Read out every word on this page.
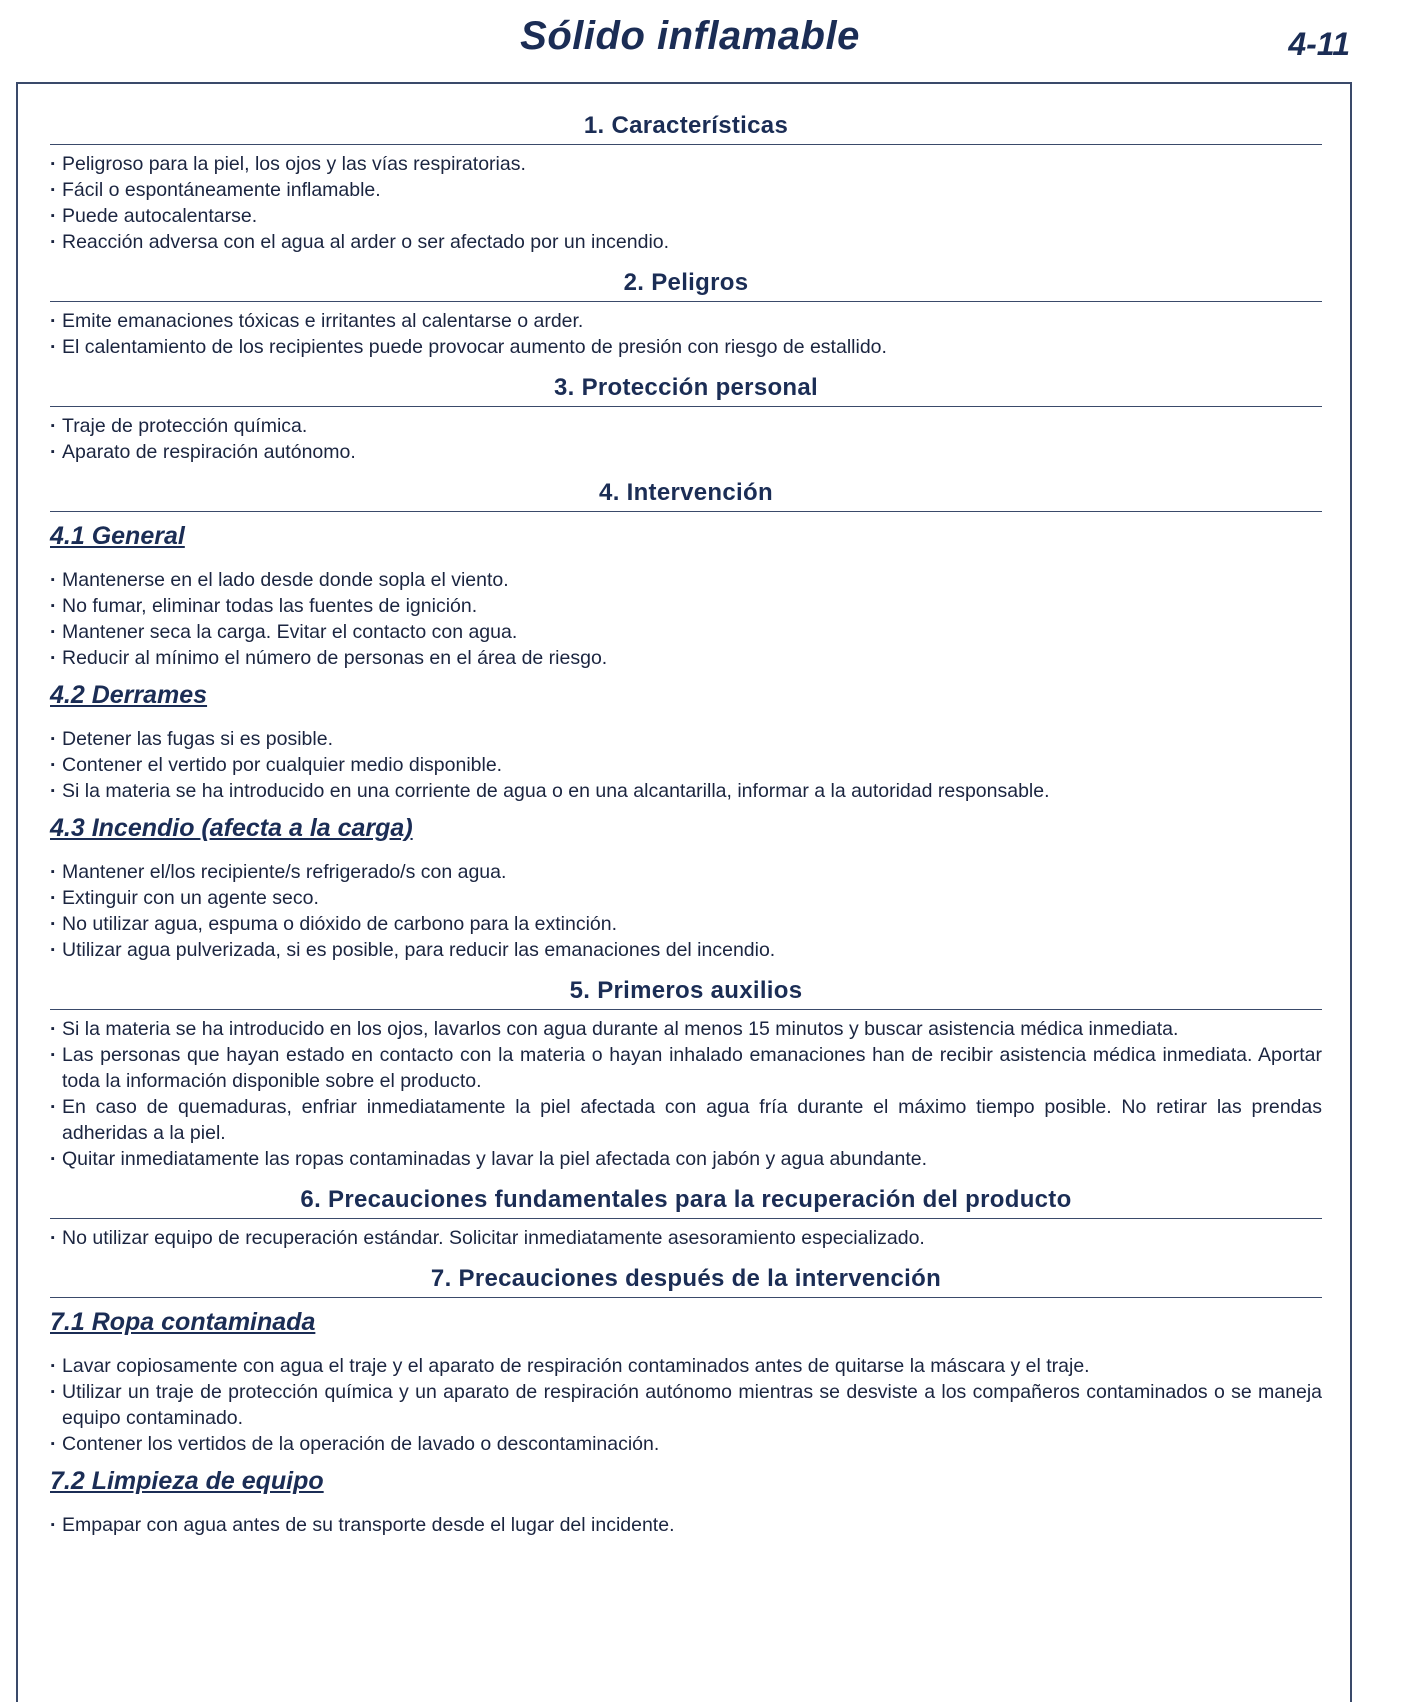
Sólido inflamable	4-11
1. Características
· Peligroso para la piel, los ojos y las vías respiratorias.
· Fácil o espontáneamente inflamable.
· Puede autocalentarse.
· Reacción adversa con el agua al arder o ser afectado por un incendio.
2. Peligros
· Emite emanaciones tóxicas e irritantes al calentarse o arder.
· El calentamiento de los recipientes puede provocar aumento de presión con riesgo de estallido.
3. Protección personal
· Traje de protección química.
· Aparato de respiración autónomo.
4. Intervención
4.1 General
· Mantenerse en el lado desde donde sopla el viento.
· No fumar, eliminar todas las fuentes de ignición.
· Mantener seca la carga. Evitar el contacto con agua.
· Reducir al mínimo el número de personas en el área de riesgo.
4.2 Derrames
· Detener las fugas si es posible.
· Contener el vertido por cualquier medio disponible.
· Si la materia se ha introducido en una corriente de agua o en una alcantarilla, informar a la autoridad responsable.
4.3 Incendio (afecta a la carga)
· Mantener el/los recipiente/s refrigerado/s con agua.
· Extinguir con un agente seco.
· No utilizar agua, espuma o dióxido de carbono para la extinción.
· Utilizar agua pulverizada, si es posible, para reducir las emanaciones del incendio.
5. Primeros auxilios
· Si la materia se ha introducido en los ojos, lavarlos con agua durante al menos 15 minutos y buscar asistencia médica inmediata.
· Las personas que hayan estado en contacto con la materia o hayan inhalado emanaciones han de recibir asistencia médica inmediata. Aportar toda la información disponible sobre el producto.
· En caso de quemaduras, enfriar inmediatamente la piel afectada con agua fría durante el máximo tiempo posible. No retirar las prendas adheridas a la piel.
· Quitar inmediatamente las ropas contaminadas y lavar la piel afectada con jabón y agua abundante.
6. Precauciones fundamentales para la recuperación del producto
· No utilizar equipo de recuperación estándar. Solicitar inmediatamente asesoramiento especializado.
7. Precauciones después de la intervención
7.1 Ropa contaminada
· Lavar copiosamente con agua el traje y el aparato de respiración contaminados antes de quitarse la máscara y el traje.
· Utilizar un traje de protección química y un aparato de respiración autónomo mientras se desviste a los compañeros contaminados o se maneja equipo contaminado.
· Contener los vertidos de la operación de lavado o descontaminación.
7.2 Limpieza de equipo
· Empapar con agua antes de su transporte desde el lugar del incidente.
